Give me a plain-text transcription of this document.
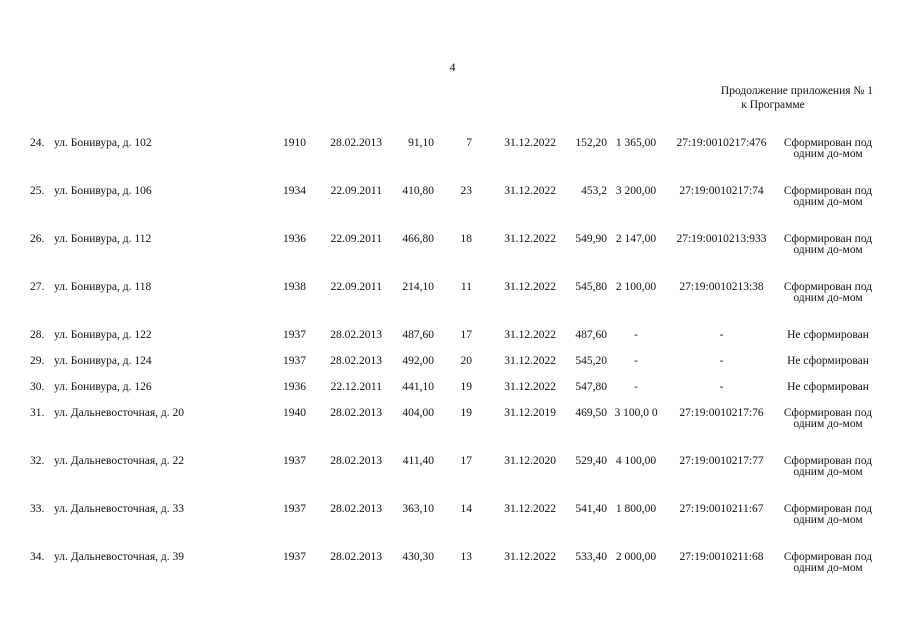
4
Продолжение приложения № 1
к Программе
24.	ул. Бонивура, д. 102	1910	28.02.2013	91,10	7	31.12.2022	152,20	1 365,00	27:19:0010217:476	Сформирован под одним до-мом
25.	ул. Бонивура, д. 106	1934	22.09.2011	410,80	23	31.12.2022	453,2	3 200,00	27:19:0010217:74	Сформирован под одним до-мом
26.	ул. Бонивура, д. 112	1936	22.09.2011	466,80	18	31.12.2022	549,90	2 147,00	27:19:0010213:933	Сформирован под одним до-мом
27.	ул. Бонивура, д. 118	1938	22.09.2011	214,10	11	31.12.2022	545,80	2 100,00	27:19:0010213:38	Сформирован под одним до-мом
28.	ул. Бонивура, д. 122	1937	28.02.2013	487,60	17	31.12.2022	487,60	-	-	Не сформирован
29.	ул. Бонивура, д. 124	1937	28.02.2013	492,00	20	31.12.2022	545,20	-	-	Не сформирован
30.	ул. Бонивура, д. 126	1936	22.12.2011	441,10	19	31.12.2022	547,80	-	-	Не сформирован
31.	ул. Дальневосточная, д. 20	1940	28.02.2013	404,00	19	31.12.2019	469,50	3 100,0 0	27:19:0010217:76	Сформирован под одним до-мом
32.	ул. Дальневосточная, д. 22	1937	28.02.2013	411,40	17	31.12.2020	529,40	4 100,00	27:19:0010217:77	Сформирован под одним до-мом
33.	ул. Дальневосточная, д. 33	1937	28.02.2013	363,10	14	31.12.2022	541,40	1 800,00	27:19:0010211:67	Сформирован под одним до-мом
34.	ул. Дальневосточная, д. 39	1937	28.02.2013	430,30	13	31.12.2022	533,40	2 000,00	27:19:0010211:68	Сформирован под одним до-мом
